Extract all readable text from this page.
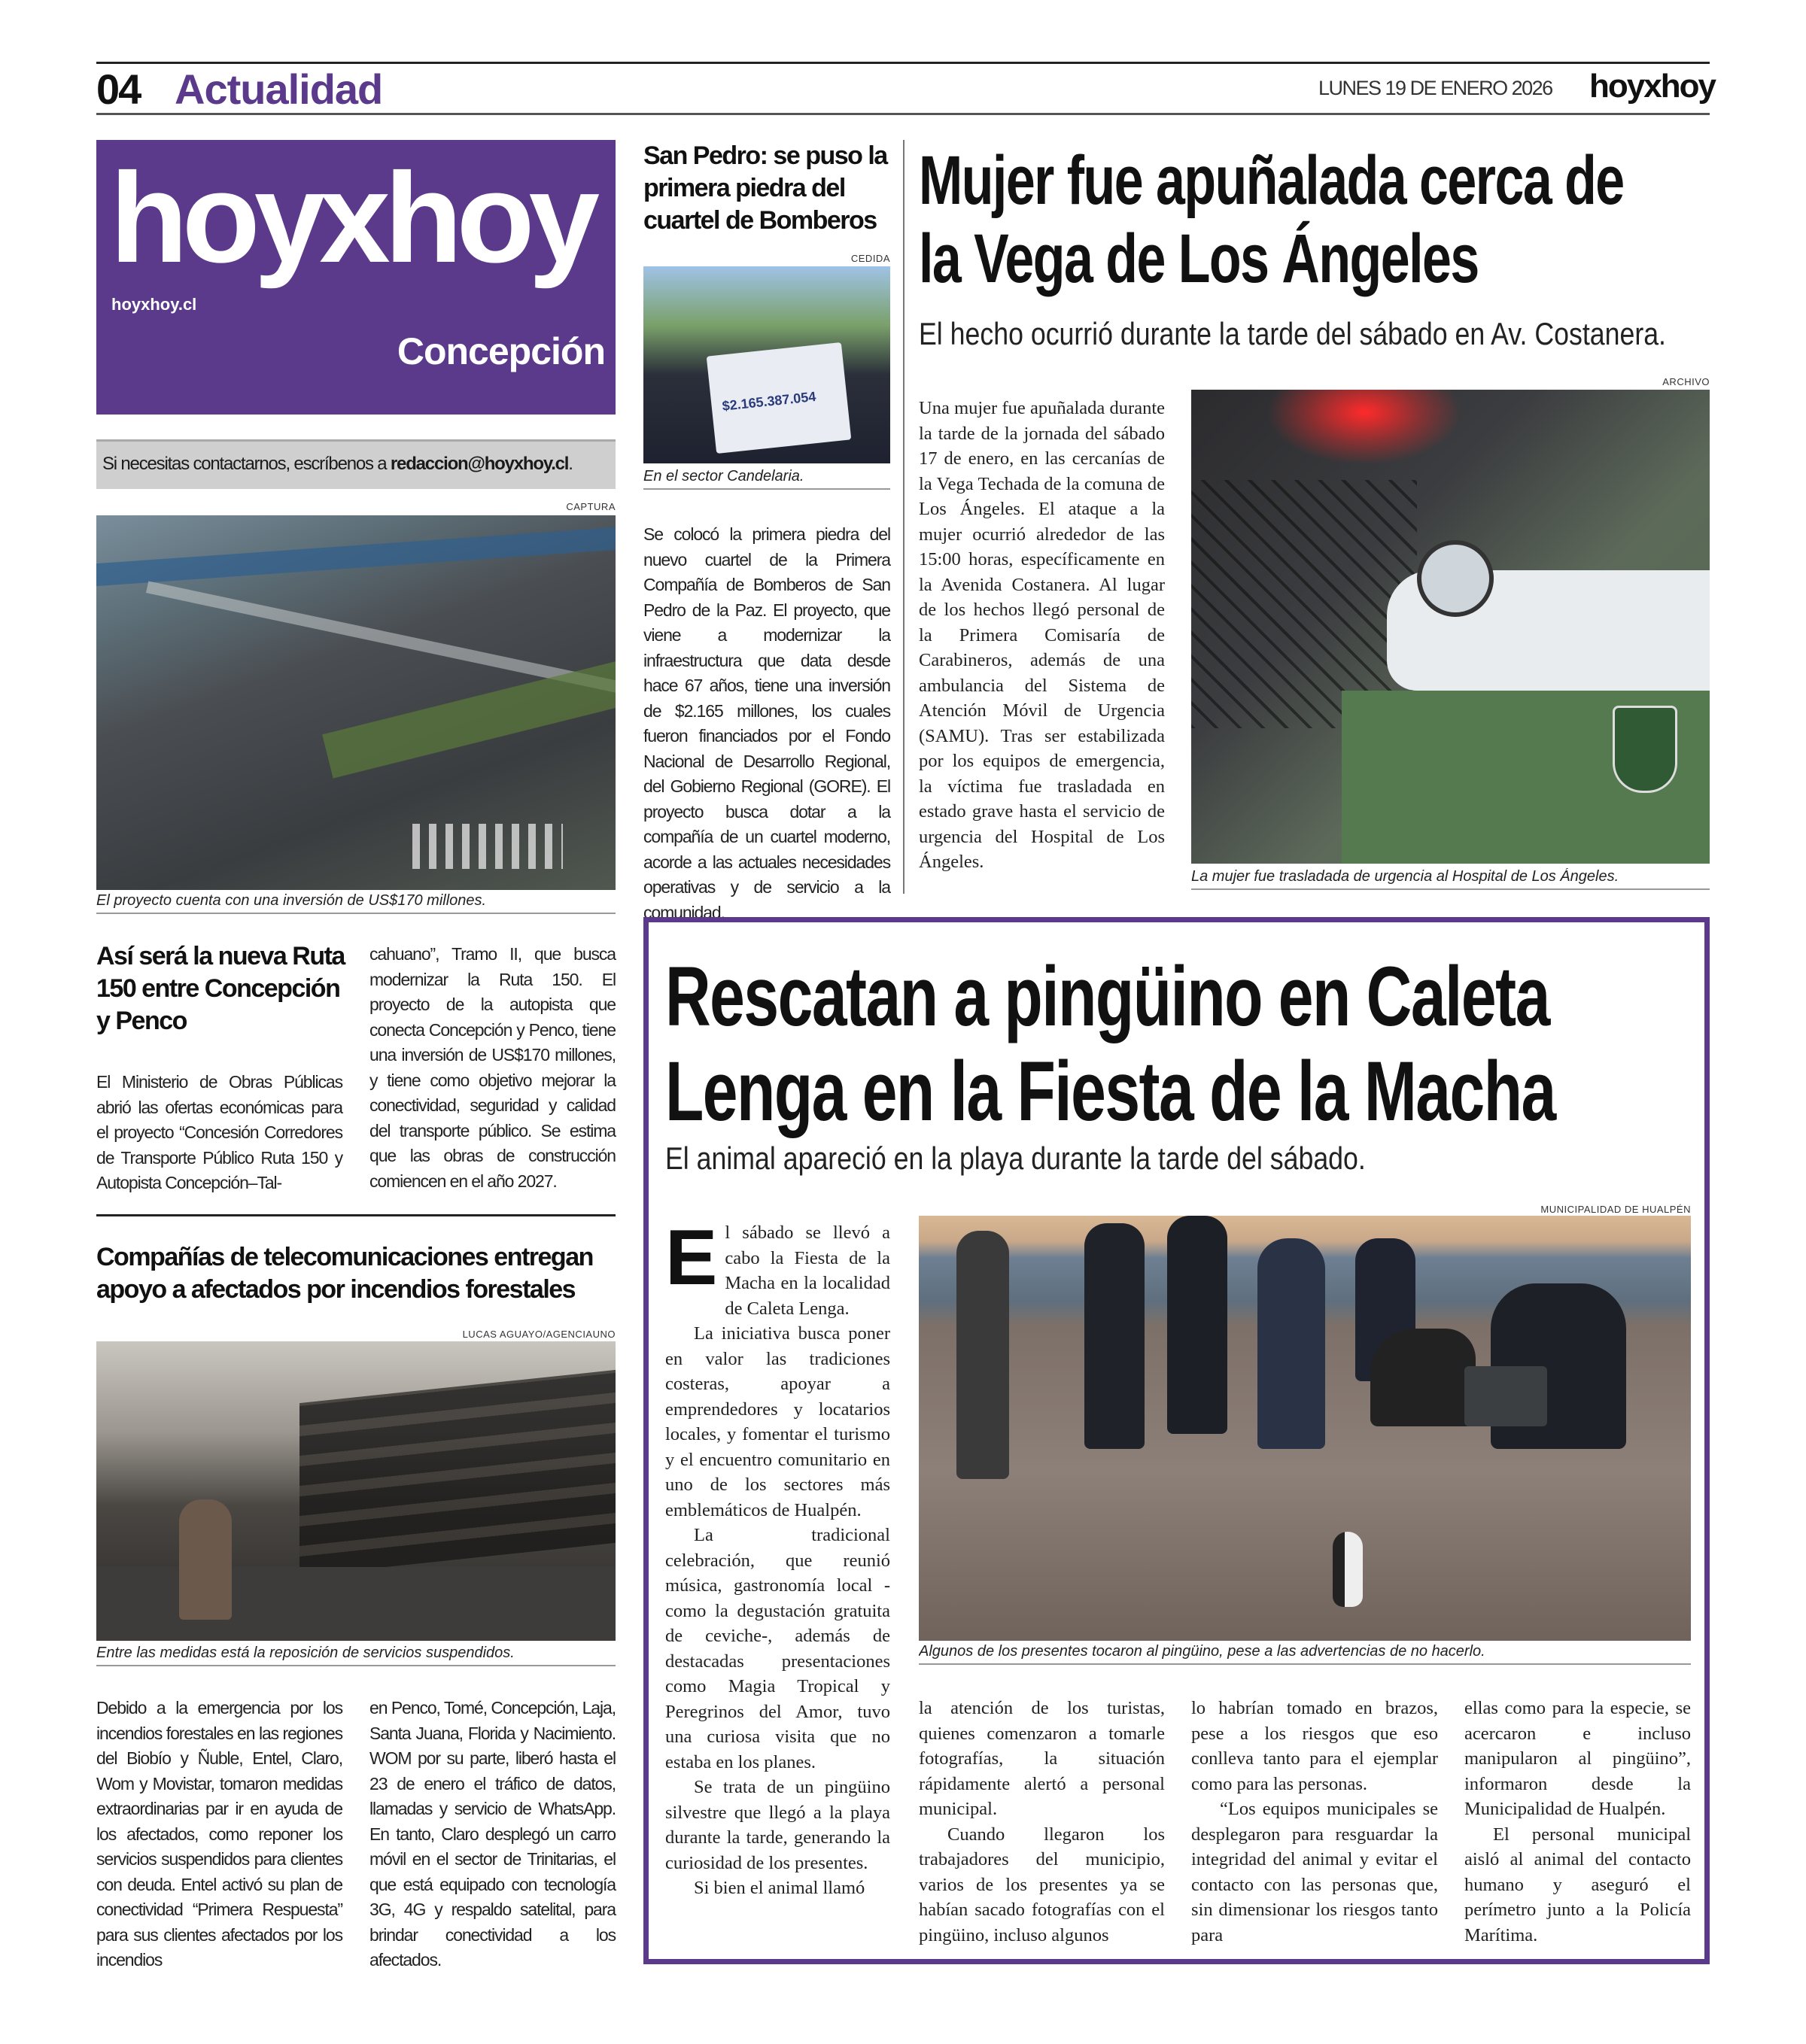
04 Actualidad	LUNES 19 DE ENERO 2026 hoyxhoy
hoyxhoy
hoyxhoy.cl
Concepción
Si necesitas contactarnos, escríbenos a redaccion@hoyxhoy.cl.
CAPTURA
El proyecto cuenta con una inversión de US$170 millones.
Así será la nueva Ruta
150 entre Concepción
y Penco
El Ministerio de Obras Públicas abrió las ofertas económicas para el proyecto “Concesión Corredores de Transporte Público Ruta 150 y Autopista Concepción–Tal-
cahuano”, Tramo II, que busca modernizar la Ruta 150. El proyecto de la autopista que conecta Concepción y Penco, tiene una inversión de US$170 millones, y tiene como objetivo mejorar la conectividad, seguridad y calidad del transporte público. Se estima que las obras de construcción comiencen en el año 2027.
Compañías de telecomunicaciones entregan
apoyo a afectados por incendios forestales
LUCAS AGUAYO/AGENCIAUNO
Entre las medidas está la reposición de servicios suspendidos.
Debido a la emergencia por los incendios forestales en las regiones del Biobío y Ñuble, Entel, Claro, Wom y Movistar, tomaron medidas extraordinarias par ir en ayuda de los afectados, como reponer los servicios suspendidos para clientes con deuda. Entel activó su plan de conectividad “Primera Respuesta” para sus clientes afectados por los incendios
en Penco, Tomé, Concepción, Laja, Santa Juana, Florida y Nacimiento. WOM por su parte, liberó hasta el 23 de enero el tráfico de datos, llamadas y servicio de WhatsApp. En tanto, Claro desplegó un carro móvil en el sector de Trinitarias, el que está equipado con tecnología 3G, 4G y respaldo satelital, para brindar conectividad a los afectados.
San Pedro: se puso la
primera piedra del
cuartel de Bomberos
CEDIDA
$2.165.387.054
En el sector Candelaria.
Se colocó la primera piedra del nuevo cuartel de la Primera Compañía de Bomberos de San Pedro de la Paz. El proyecto, que viene a modernizar la infraestructura que data desde hace 67 años, tiene una inversión de $2.165 millones, los cuales fueron financiados por el Fondo Nacional de Desarrollo Regional, del Gobierno Regional (GORE). El proyecto busca dotar a la compañía de un cuartel moderno, acorde a las actuales necesidades operativas y de servicio a la comunidad.
Mujer fue apuñalada cerca de
la Vega de Los Ángeles
El hecho ocurrió durante la tarde del sábado en Av. Costanera.
Una mujer fue apuñalada durante la tarde de la jornada del sábado 17 de enero, en las cercanías de la Vega Techada de la comuna de Los Ángeles. El ataque a la mujer ocurrió alrededor de las 15:00 horas, específicamente en la Avenida Costanera. Al lugar de los hechos llegó personal de la Primera Comisaría de Carabineros, además de una ambulancia del Sistema de Atención Móvil de Urgencia (SAMU). Tras ser estabilizada por los equipos de emergencia, la víctima fue trasladada en estado grave hasta el servicio de urgencia del Hospital de Los Ángeles.
ARCHIVO
La mujer fue trasladada de urgencia al Hospital de Los Ángeles.
Rescatan a pingüino en Caleta
Lenga en la Fiesta de la Macha
El animal apareció en la playa durante la tarde del sábado.
E l sábado se llevó a cabo la Fiesta de la Macha en la localidad de Caleta Lenga.

La iniciativa busca poner en valor las tradiciones costeras, apoyar a emprendedores y locatarios locales, y fomentar el turismo y el encuentro comunitario en uno de los sectores más emblemáticos de Hualpén.

La tradicional celebración, que reunió música, gastronomía local -como la degustación gratuita de ceviche-, además de destacadas presentaciones como Magia Tropical y Peregrinos del Amor, tuvo una curiosa visita que no estaba en los planes.

Se trata de un pingüino silvestre que llegó a la playa durante la tarde, generando la curiosidad de los presentes.

Si bien el animal llamó

MUNICIPALIDAD DE HUALPÉN
Algunos de los presentes tocaron al pingüino, pese a las advertencias de no hacerlo.

la atención de los turistas, quienes comenzaron a tomarle fotografías, la situación rápidamente alertó a personal municipal.

Cuando llegaron los trabajadores del municipio, varios de los presentes ya se habían sacado fotografías con el pingüino, incluso algunos

lo habrían tomado en brazos, pese a los riesgos que eso conlleva tanto para el ejemplar como para las personas.

“Los equipos municipales se desplegaron para resguardar la integridad del animal y evitar el contacto con las personas que, sin dimensionar los riesgos tanto para

ellas como para la especie, se acercaron e incluso manipularon al pingüino”, informaron desde la Municipalidad de Hualpén.

El personal municipal aisló al animal del contacto humano y aseguró el perímetro junto a la Policía Marítima.
